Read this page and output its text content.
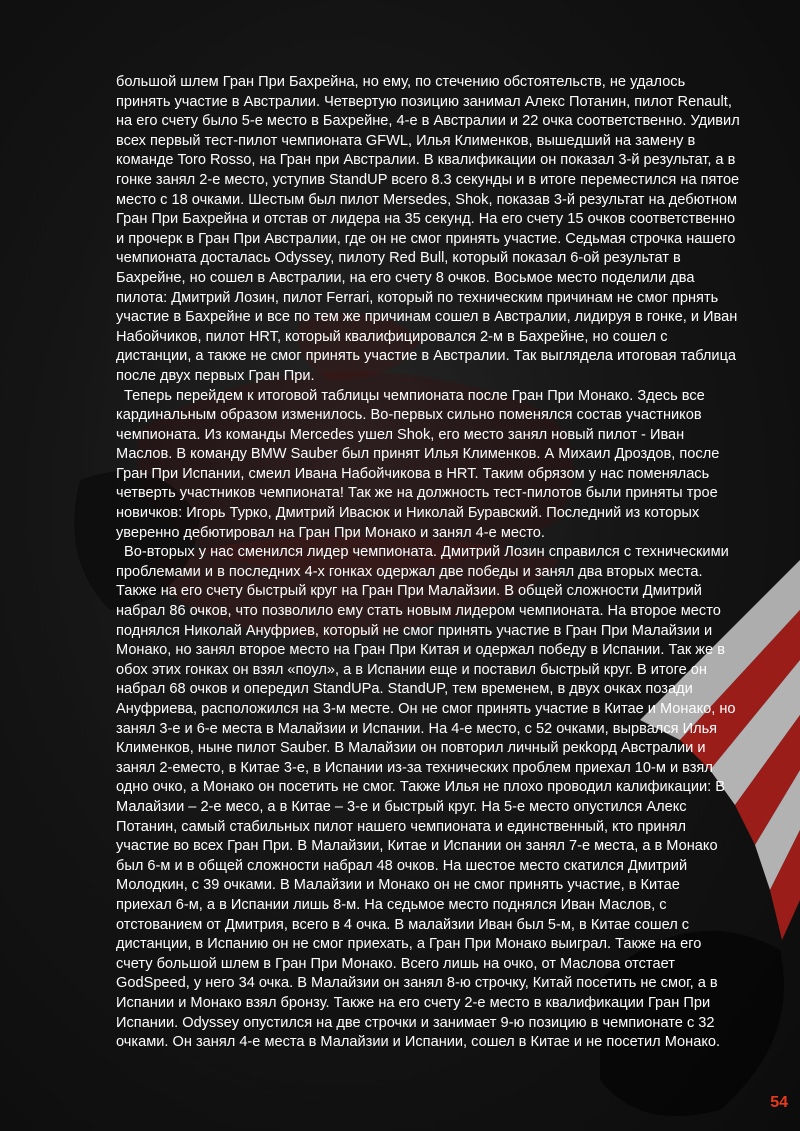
большой шлем Гран При Бахрейна, но ему, по стечению обстоятельств, не удалось
принять участие в Австралии. Четвертую позицию занимал Алекс Потанин, пилот Renault,
на его счету было 5-е место в Бахрейне, 4-е в Австралии и 22 очка соответственно. Удивил
всех первый тест-пилот чемпионата GFWL, Илья Клименков, вышедший на замену в
команде Toro Rosso, на Гран при Австралии. В квалификации он показал 3-й результат, а в
гонке занял 2-е место, уступив StandUP всего 8.3 секунды и в итоге переместился на пятое
место с 18 очками. Шестым был пилот Mersedes, Shok, показав 3-й результат на дебютном
Гран При Бахрейна и отстав от лидера на 35 секунд. На его счету 15 очков соответственно
и прочерк в Гран При Австралии, где он не смог принять участие. Седьмая строчка нашего
чемпионата досталась Odyssey, пилоту Red Bull, который показал 6-ой результат в
Бахрейне, но сошел в Австралии, на его счету 8 очков. Восьмое место поделили два
пилота: Дмитрий Лозин, пилот Ferrari, который по техническим причинам не смог прнять
участие в Бахрейне и все по тем же причинам сошел в Австралии, лидируя в гонке, и Иван
Набойчиков, пилот HRT, который квалифицировался 2-м в Бахрейне, но сошел с
дистанции, а также не смог принять участие в Австралии. Так выглядела итоговая таблица
после двух первых Гран При.

Теперь перейдем к итоговой таблицы чемпионата после Гран При Монако. Здесь все
кардинальным образом изменилось. Во-первых сильно поменялся состав участников
чемпионата. Из команды Mercedes ушел Shok, его место занял новый пилот - Иван
Маслов. В команду BMW Sauber был принят Илья Клименков. А Михаил Дроздов, после
Гран При Испании, смеил Ивана Набойчикова в HRT. Таким обрязом у нас поменялась
четверть участников чемпионата! Так же на должность тест-пилотов были приняты трое
новичков: Игорь Турко, Дмитрий Ивасюк и Николай Буравский. Последний из которых
уверенно дебютировал на Гран При Монако и занял 4-е место.

Во-вторых у нас сменился лидер чемпионата. Дмитрий Лозин справился с техническими
проблемами и в последних 4-х гонках одержал две победы и занял два вторых места.
Также на его счету быстрый круг на Гран При Малайзии. В общей сложности Дмитрий
набрал 86 очков, что позволило ему стать новым лидером чемпионата. На второе место
поднялся Николай Ануфриев, который не смог принять участие в Гран При Малайзии и
Монако, но занял второе место на Гран При Китая и одержал победу в Испании. Так же в
обох этих гонках он взял «поул», а в Испании еще и поставил быстрый круг. В итоге он
набрал 68 очков и опередил StandUPa. StandUP, тем временем, в двух очках позади
Ануфриева, расположился на 3-м месте. Он не смог принять участие в Китае и Монако, но
занял 3-е и 6-е места в Малайзии и Испании. На 4-е место, с 52 очками, вырвался Илья
Клименков, ныне пилот Sauber. В Малайзии он повторил личный рекkорд Австралии и
занял 2-еместо, в Китае 3-е, в Испании из-за технических проблем приехал 10-м и взял
одно очко, а Монако он посетить не смог. Также Илья не плохо проводил калификации: В
Малайзии – 2-е месо, а в Китае – 3-е и быстрый круг. На 5-е место опустился Алекс
Потанин, самый стабильных пилот нашего чемпионата и единственный, кто принял
участие во всех Гран При. В Малайзии, Китае и Испании он занял 7-е места, а в Монако
был 6-м и в общей сложности набрал 48 очков. На шестое место скатился Дмитрий
Молодкин, с 39 очками. В Малайзии и Монако он не смог принять участие, в Китае
приехал 6-м, а в Испании лишь 8-м. На седьмое место поднялся Иван Маслов, с
отстованием от Дмитрия, всего в 4 очка. В малайзии Иван был 5-м, в Китае сошел с
дистанции, в Испанию он не смог приехать, а Гран При Монако выиграл. Также на его
счету большой шлем в Гран При Монако. Всего лишь на очко, от Маслова отстает
GodSpeed, у него 34 очка. В Малайзии он занял 8-ю строчку, Китай посетить не смог, а в
Испании и Монако взял бронзу. Также на его счету 2-е место в квалификации Гран При
Испании. Odyssey опустился на две строчки и занимает 9-ю позицию в чемпионате с 32
очками. Он занял 4-е места в Малайзии и Испании, сошел в Китае и не посетил Монако.

54
